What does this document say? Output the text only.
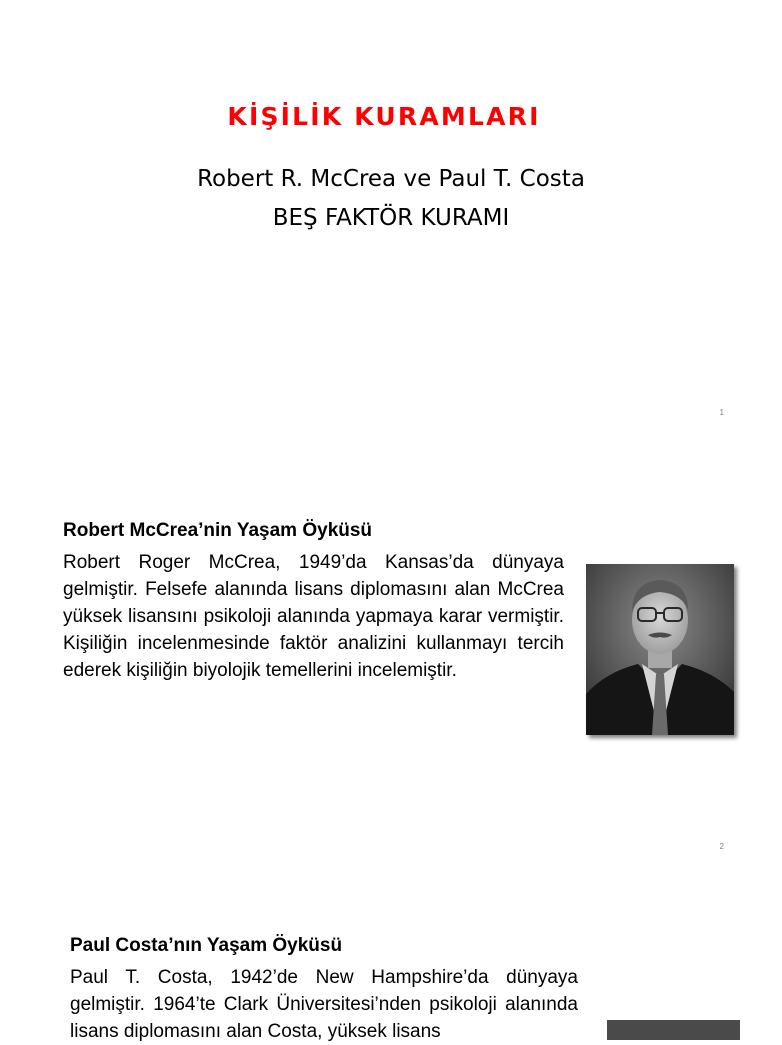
KİŞİLİK KURAMLARI
Robert R. McCrea ve Paul T. Costa
BEŞ FAKTÖR KURAMI
1
Robert McCrea’nin Yaşam Öyküsü
Robert Roger McCrea, 1949’da Kansas’da dünyaya gelmiştir. Felsefe alanında lisans diplomasını alan McCrea yüksek lisansını psikoloji alanında yapmaya karar vermiştir. Kişiliğin incelenmesinde faktör analizini kullanmayı tercih ederek kişiliğin biyolojik temellerini incelemiştir.
2
Paul Costa’nın Yaşam Öyküsü
Paul T. Costa, 1942’de New Hampshire’da dünyaya gelmiştir. 1964’te Clark Üniversitesi’nden psikoloji alanında lisans diplomasını alan Costa, yüksek lisans
